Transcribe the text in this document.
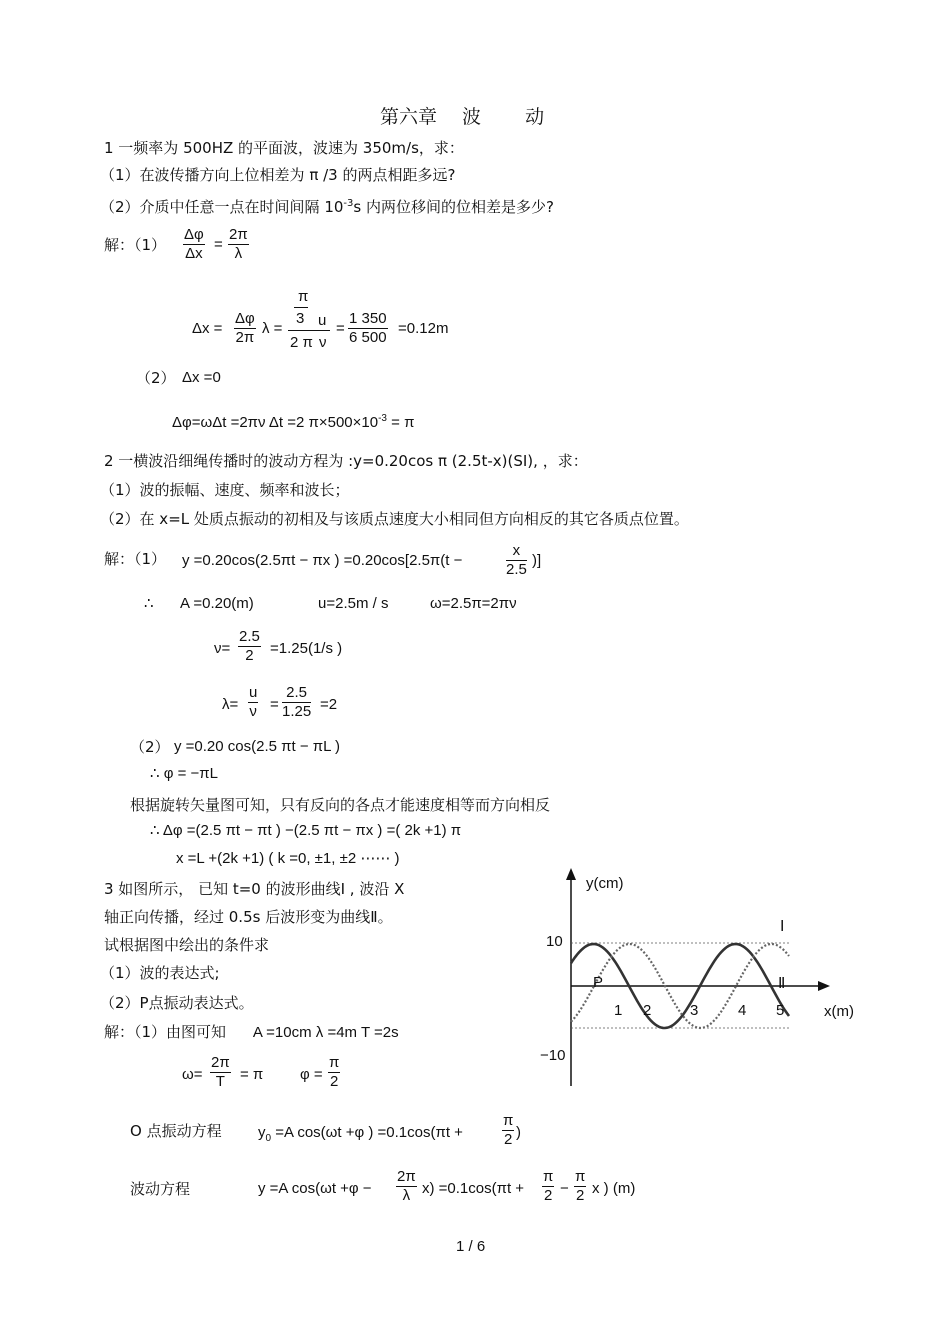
第六章　 波　　 动
1 一频率为 500HZ 的平面波，波速为 350m/s，求：
（1）在波传播方向上位相差为 π /3 的两点相距多远?
（2）介质中任意一点在时间间隔 $10^{-3}s$ 内两位移间的位相差是多少?
解：$(1) \frac{\Delta\varphi}{\Delta x} = \frac{2\pi}{\lambda}$
$\Delta x = \frac{\Delta\varphi}{2\pi}$ λ =
π
3
2 π
u
ν
= $\frac{1 350}{6 500} =0.12m$
（2） Δx =0
Δφ=ωΔt =2πν Δt =2 $\pi\times 500\times 10^{-3} = \pi$
2 一横波沿细绳传播时的波动方程为 :y=0.20cos π (2.5t-x)(SI), ，求：
（1）波的振幅、速度、频率和波长；
（2）在 x=L 处质点振动的初相及与该质点速度大小相同但方向相反的其它各质点位置。
解：（1） y =0.20cos(2.5πt − πx ) =0.20cos[2.5π(t −	$\frac{x}{2.5}$ )]
∴ A =0.20(m)	u=2.5m / s	ω=2.5π=2πν
$\nu= \frac{2.5}{2} =1.25(1/s$ )
$\lambda= \frac{u}{\nu} = \frac{2.5}{1.25} =2$
（2） y =0.20 cos(2.5 πt − πL )
∴ φ = −πL
根据旋转矢量图可知，只有反向的各点才能速度相等而方向相反
∴ Δφ =(2.5 πt − πt ) −(2.5 πt − πx ) =( 2k +1) π
x =L +(2k +1) ( k =0, ±1, ±2 ⋯⋯ )
3 如图所示， 已知 t=0 的波形曲线Ⅰ , 波沿 X
轴正向传播，经过 0.5s 后波形变为曲线Ⅱ。
试根据图中绘出的条件求
（1）波的表达式;
（2）P点振动表达式。
解：（1）由图可知 A =10cm λ =4m T =2s
$\omega= \frac{2\pi}{T} = \pi$ $\varphi = \frac{\pi}{2}$
O 点振动方程 $y_0 =A$ cos(ωt +φ ) =0.1cos(πt +	$\frac{\pi}{2}$ )
波动方程	y =A $\cos(\omega t +\varphi - \frac{2\pi}{\lambda} x) =0.1\cos(\pi t + \frac{\pi}{2} - \frac{\pi}{2}$ x ) (m)
y(cm)
x(m)
10
−10
1 2	3	4 5
P
Ⅰ
Ⅱ
1 / 6
